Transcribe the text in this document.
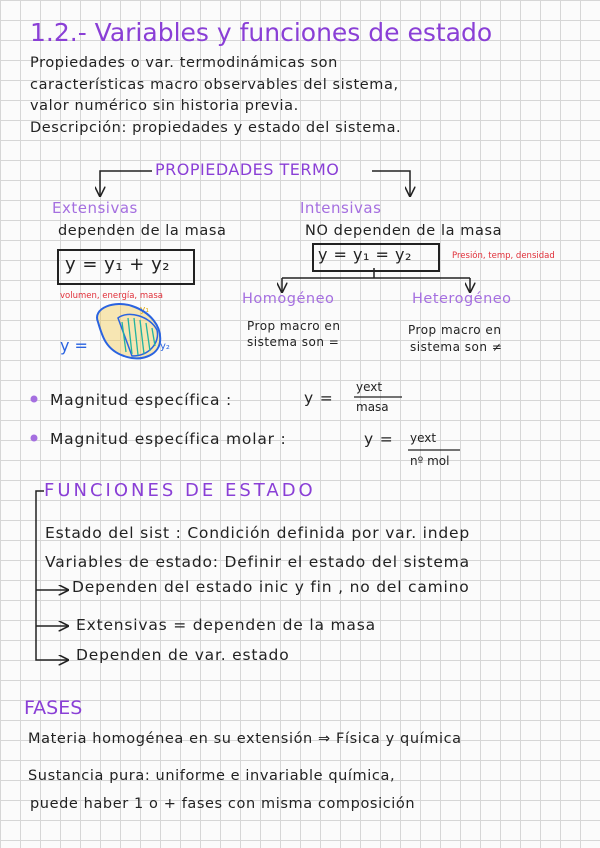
1.2.- Variables y funciones de estado
Propiedades o var. termodinámicas son
características macro observables del sistema,
valor numérico sin historia previa.
Descripción: propiedades y estado del sistema.
PROPIEDADES TERMO
Extensivas
dependen de la masa
y = y₁ + y₂
volumen, energía, masa
y =
y₁
y₂
Intensivas
NO dependen de la masa
y = y₁ = y₂	Presión, temp, densidad
Homogéneo
Prop macro en
sistema son =
Heterogéneo
Prop macro en
sistema son ≠
Magnitud específica :	y =
yext
masa
Magnitud específica molar :	y = yext
nº mol
FUNCIONES DE ESTADO
Estado del sist : Condición definida por var. indep
Variables de estado: Definir el estado del sistema
Dependen del estado inic y fin , no del camino
Extensivas = dependen de la masa
Dependen de var. estado
FASES
Materia homogénea en su extensión ⇒ Física y química
Sustancia pura: uniforme e invariable química,
puede haber 1 o + fases con misma composición
